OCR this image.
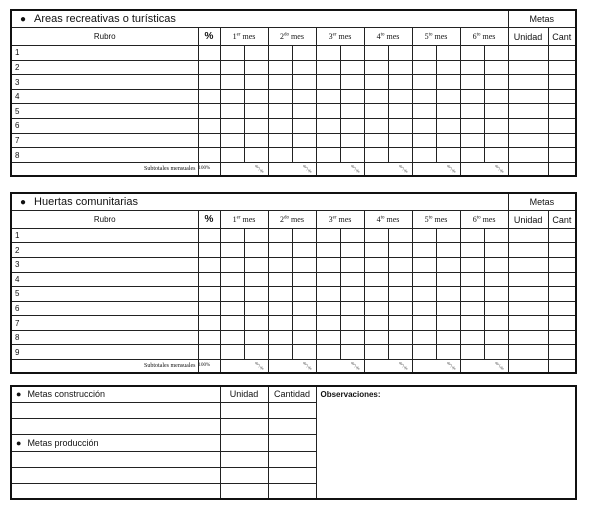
● Areas recreativas o turísticas														Metas	
Rubro	%	1er mes		$2^{do}$ mes		3er mes		$4^{to}$ mes		$5^{to}$ mes		$6^{to}$ mes		Unidad	Cant
1															
2															
3															
4															
5															
6															
7															
8															
Subtotales mensuales	100%	$^{\%}/_{\%}$		$^{\%}/_{\%}$		$^{\%}/_{\%}$		$^{\%}/_{\%}$		$^{\%}/_{\%}$		$^{\%}/_{\%}$		
● Huertas comunitarias														Metas	
Rubro	%	1er mes		$2^{do}$ mes		3er mes		$4^{to}$ mes		$5^{to}$ mes		$6^{to}$ mes		Unidad	Cant
1															
2															
3															
4															
5															
6															
7															
8															
9															
Subtotales mensuales	100%	$^{\%}/_{\%}$		$^{\%}/_{\%}$		$^{\%}/_{\%}$		$^{\%}/_{\%}$		$^{\%}/_{\%}$		$^{\%}/_{\%}$		
● Metas construcción	Unidad	Cantidad	Observaciones:

● Metas producción			
